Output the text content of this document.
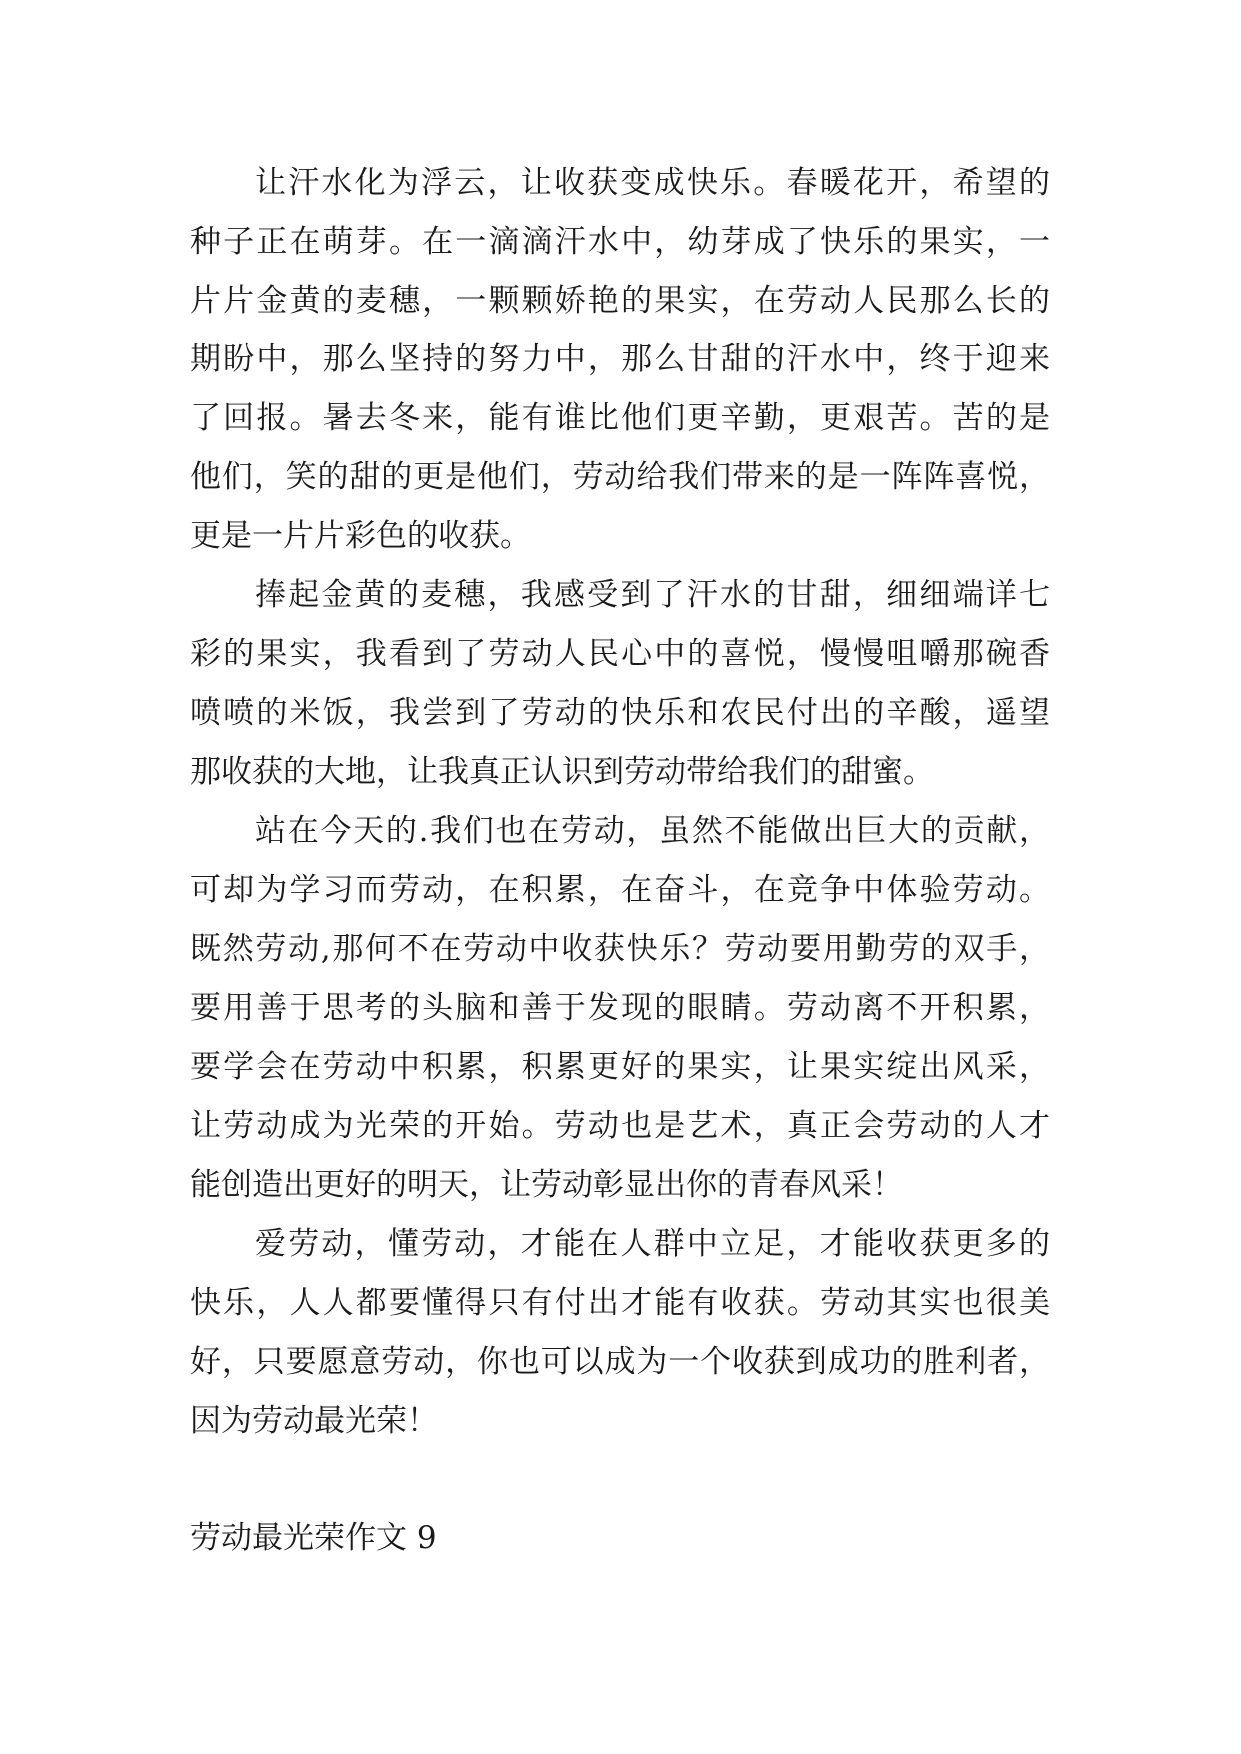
让汗水化为浮云，让收获变成快乐。春暖花开，希望的
种子正在萌芽。在一滴滴汗水中，幼芽成了快乐的果实，一
片片金黄的麦穗，一颗颗娇艳的果实，在劳动人民那么长的
期盼中，那么坚持的努力中，那么甘甜的汗水中，终于迎来
了回报。暑去冬来，能有谁比他们更辛勤，更艰苦。苦的是
他们，笑的甜的更是他们，劳动给我们带来的是一阵阵喜悦，
更是一片片彩色的收获。
捧起金黄的麦穗，我感受到了汗水的甘甜，细细端详七
彩的果实，我看到了劳动人民心中的喜悦，慢慢咀嚼那碗香
喷喷的米饭，我尝到了劳动的快乐和农民付出的辛酸，遥望
那收获的大地，让我真正认识到劳动带给我们的甜蜜。
站在今天的.我们也在劳动，虽然不能做出巨大的贡献，
可却为学习而劳动，在积累，在奋斗，在竞争中体验劳动。
既然劳动,那何不在劳动中收获快乐？劳动要用勤劳的双手，
要用善于思考的头脑和善于发现的眼睛。劳动离不开积累，
要学会在劳动中积累，积累更好的果实，让果实绽出风采，
让劳动成为光荣的开始。劳动也是艺术，真正会劳动的人才
能创造出更好的明天，让劳动彰显出你的青春风采！
爱劳动，懂劳动，才能在人群中立足，才能收获更多的
快乐，人人都要懂得只有付出才能有收获。劳动其实也很美
好，只要愿意劳动，你也可以成为一个收获到成功的胜利者，
因为劳动最光荣！
劳动最光荣作文 9
